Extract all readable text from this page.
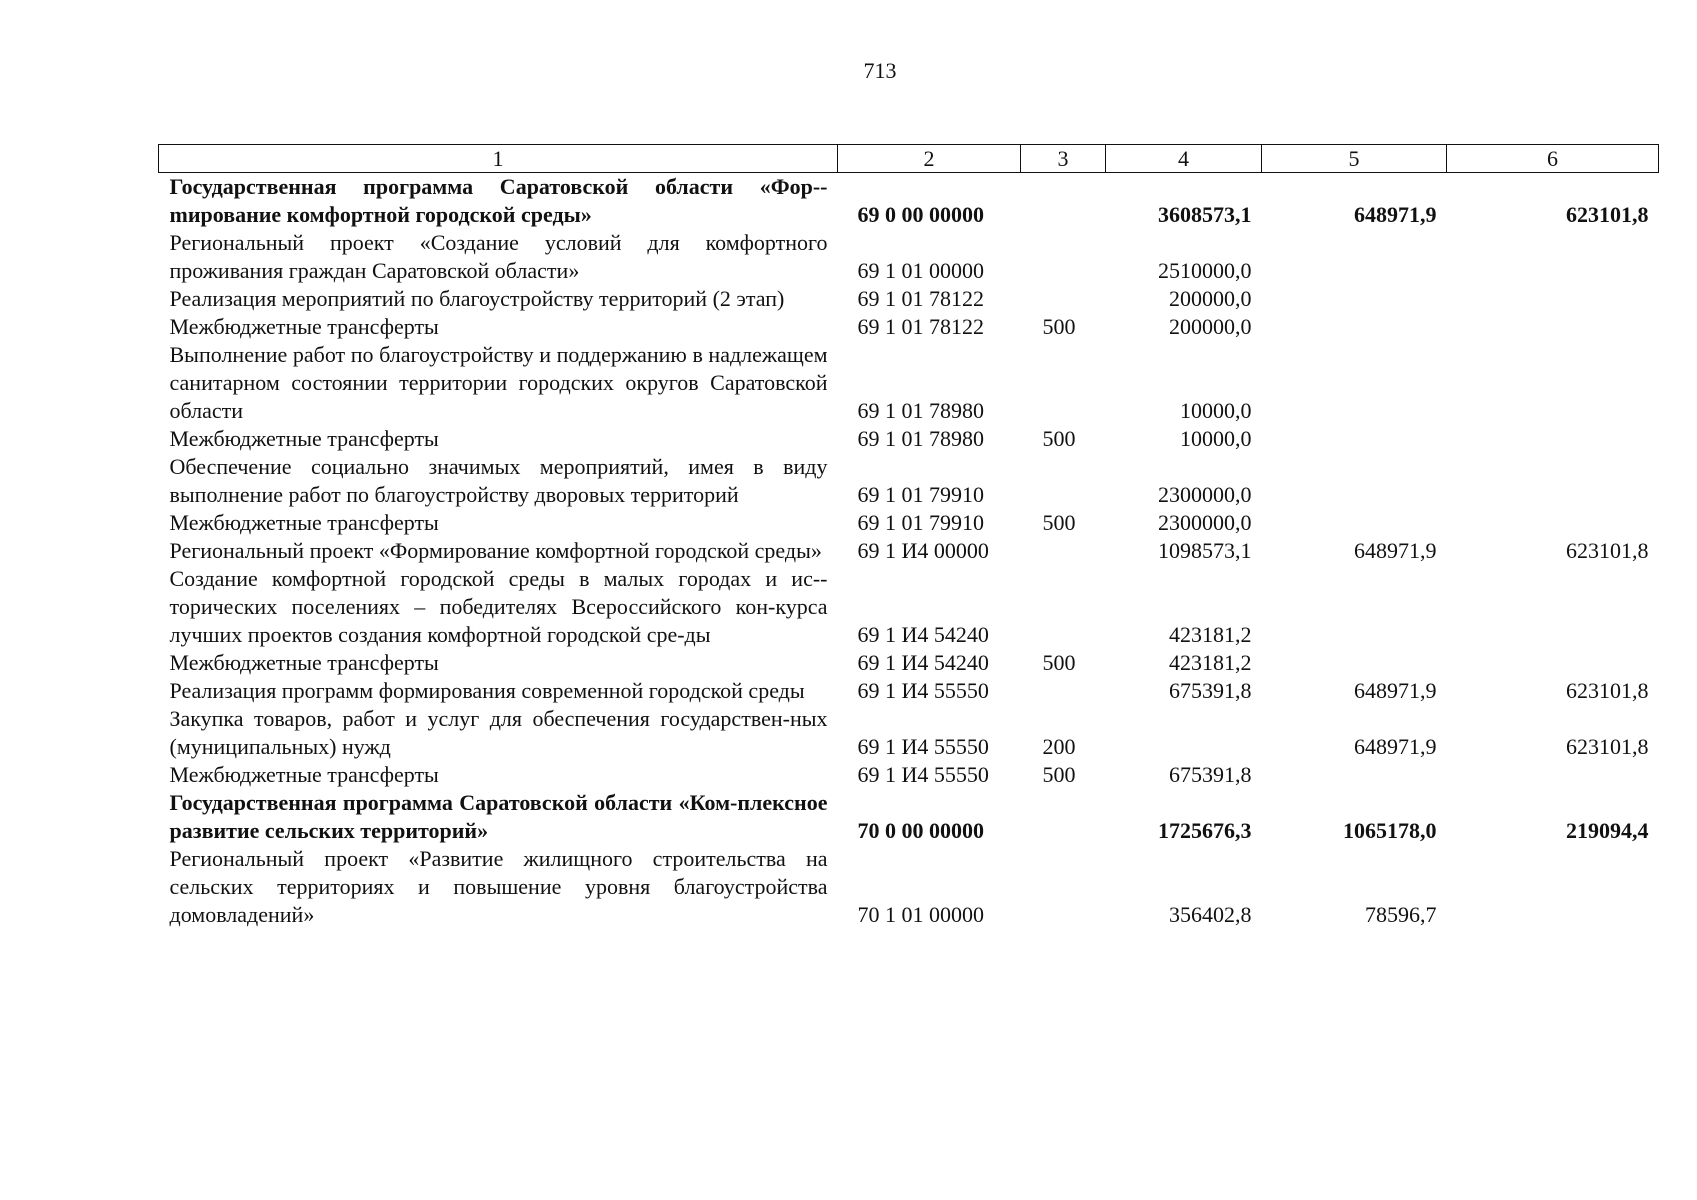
713
1	2	3	4	5	6
Государственная программа Саратовской области «Фор-mирование комфортной городской среды»	69 0 00 00000		3608573,1	648971,9	623101,8
Региональный проект «Создание условий для комфортного проживания граждан Саратовской области»	69 1 01 00000		2510000,0		
Реализация мероприятий по благоустройству территорий (2 этап)	69 1 01 78122		200000,0		
Межбюджетные трансферты	69 1 01 78122	500	200000,0		
Выполнение работ по благоустройству и поддержанию в надлежащем санитарном состоянии территории городских округов Саратовской области	69 1 01 78980		10000,0		
Межбюджетные трансферты	69 1 01 78980	500	10000,0		
Обеспечение социально значимых мероприятий, имея в виду выполнение работ по благоустройству дворовых территорий	69 1 01 79910		2300000,0		
Межбюджетные трансферты	69 1 01 79910	500	2300000,0		
Региональный проект «Формирование комфортной городской среды»	69 1 И4 00000		1098573,1	648971,9	623101,8
Создание комфортной городской среды в малых городах и ис-торических поселениях – победителях Всероссийского кон-курса лучших проектов создания комфортной городской сре-ды	69 1 И4 54240		423181,2		
Межбюджетные трансферты	69 1 И4 54240	500	423181,2		
Реализация программ формирования современной городской среды	69 1 И4 55550		675391,8	648971,9	623101,8
Закупка товаров, работ и услуг для обеспечения государствен-ных (муниципальных) нужд	69 1 И4 55550	200		648971,9	623101,8
Межбюджетные трансферты	69 1 И4 55550	500	675391,8		
Государственная программа Саратовской области «Ком-плексное развитие сельских территорий»	70 0 00 00000		1725676,3	1065178,0	219094,4
Региональный проект «Развитие жилищного строительства на сельских территориях и повышение уровня благоустройства домовладений»	70 1 01 00000		356402,8	78596,7	
